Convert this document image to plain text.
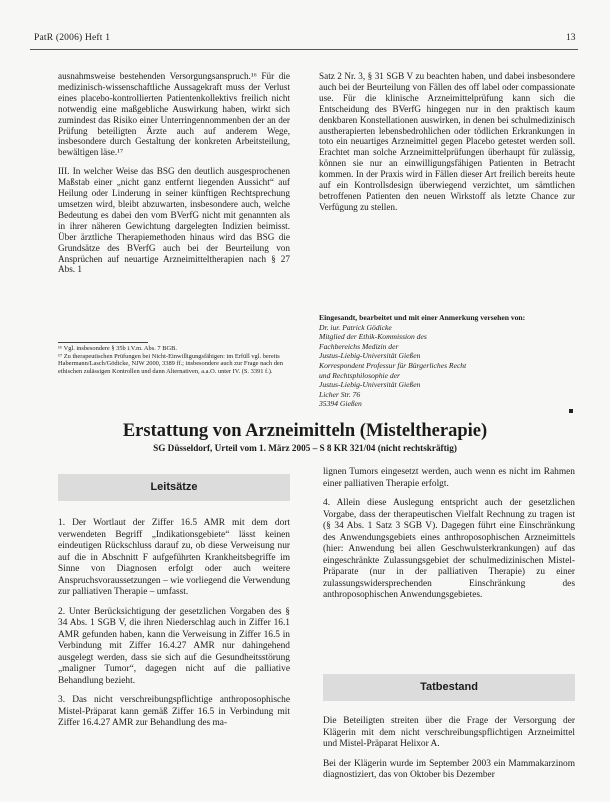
PatR (2006) Heft 1	13

ausnahmsweise bestehenden Versorgungsanspruch.¹⁶ Für die medizinisch-wissenschaftliche Aussagekraft muss der Verlust eines placebo-kontrollierten Patientenkollektivs freilich nicht notwendig eine maßgebliche Auswirkung haben, wirkt sich zumindest das Risiko einer Unterringennommenben der an der Prüfung beteiligten Ärzte auch auf anderem Wege, insbesondere durch Gestaltung der konkreten Arbeitsteilung, bewältigen läse.¹⁷

III. In welcher Weise das BSG den deutlich ausgesprochenen Maßstab einer „nicht ganz entfernt liegenden Aussicht“ auf Heilung oder Linderung in seiner künftigen Rechtsprechung umsetzen wird, bleibt abzuwarten, insbesondere auch, welche Bedeutung es dabei den vom BVerfG nicht mit genannten als in ihrer näheren Gewichtung dargelegten Indizien beimisst. Über ärztliche Therapiemethoden hinaus wird das BSG die Grundsätze des BVerfG auch bei der Beurteilung von Ansprüchen auf neuartige Arzneimitteltherapien nach § 27 Abs. 1

¹⁶ Vgl. insbesondere § 35b i.V.m. Abs. 7 BGB.
¹⁷ Zu therapeutischen Prüfungen bei Nicht-Einwilligungsfähigen: im Erfüll vgl. bereits Habermann/Lasch/Gödicke, NJW 2000, 3389 ff.; insbesondere auch zur Frage nach den ethischen zulässigen Kontrollen und dann Alternativen, a.a.O. unter IV. (S. 3391 f.).

Satz 2 Nr. 3, § 31 SGB V zu beachten haben, und dabei insbesondere auch bei der Beurteilung von Fällen des off label oder compassionate use. Für die klinische Arzneimittelprüfung kann sich die Entscheidung des BVerfG hingegen nur in den praktisch kaum denkbaren Konstellationen auswirken, in denen bei schulmedizinisch austherapierten lebensbedrohlichen oder tödlichen Erkrankungen in toto ein neuartiges Arzneimittel gegen Placebo getestet werden soll. Erachtet man solche Arzneimittelprüfungen überhaupt für zulässig, können sie nur an einwilligungsfähigen Patienten in Betracht kommen. In der Praxis wird in Fällen dieser Art freilich bereits heute auf ein Kontrollsdesign überwiegend verzichtet, um sämtlichen betroffenen Patienten den neuen Wirkstoff als letzte Chance zur Verfügung zu stellen.

Eingesandt, bearbeitet und mit einer Anmerkung versehen von:
Dr. iur. Patrick Gödicke
Mitglied der Ethik-Kommission des
Fachbereichs Medizin der
Justus-Liebig-Universität Gießen
Korrespondent Professur für Bürgerliches Recht
und Rechtsphilosophie der
Justus-Liebig-Universität Gießen
Licher Str. 76
35394 Gießen
Erstattung von Arzneimitteln (Misteltherapie)
SG Düsseldorf, Urteil vom 1. März 2005 – S 8 KR 321/04 (nicht rechtskräftig)
Leitsätze

1. Der Wortlaut der Ziffer 16.5 AMR mit dem dort verwendeten Begriff „Indikationsgebiete“ lässt keinen eindeutigen Rückschluss darauf zu, ob diese Verweisung nur auf die in Abschnitt F aufgeführten Krankheitsbegriffe im Sinne von Diagnosen erfolgt oder auch weitere Anspruchsvoraussetzungen – wie vorliegend die Verwendung zur palliativen Therapie – umfasst.

2. Unter Berücksichtigung der gesetzlichen Vorgaben des § 34 Abs. 1 SGB V, die ihren Niederschlag auch in Ziffer 16.1 AMR gefunden haben, kann die Verweisung in Ziffer 16.5 in Verbindung mit Ziffer 16.4.27 AMR nur dahingehend ausgelegt werden, dass sie sich auf die Gesundheitsstörung „maligner Tumor“, dagegen nicht auf die palliative Behandlung bezieht.

3. Das nicht verschreibungspflichtige anthroposophische Mistel-Präparat kann gemäß Ziffer 16.5 in Verbindung mit Ziffer 16.4.27 AMR zur Behandlung des ma-

lignen Tumors eingesetzt werden, auch wenn es nicht im Rahmen einer palliativen Therapie erfolgt.

4. Allein diese Auslegung entspricht auch der gesetzlichen Vorgabe, dass der therapeutischen Vielfalt Rechnung zu tragen ist (§ 34 Abs. 1 Satz 3 SGB V). Dagegen führt eine Einschränkung des Anwendungsgebiets eines anthroposophischen Arzneimittels (hier: Anwendung bei allen Geschwulsterkrankungen) auf das eingeschränkte Zulassungsgebiet der schulmedizinischen Mistel-Präparate (nur in der palliativen Therapie) zu einer zulassungswidersprechenden Einschränkung des anthroposophischen Anwendungsgebietes.

Tatbestand

Die Beteiligten streiten über die Frage der Versorgung der Klägerin mit dem nicht verschreibungspflichtigen Arzneimittel und Mistel-Präparat Helixor A.

Bei der Klägerin wurde im September 2003 ein Mammakarzinom diagnostiziert, das von Oktober bis Dezember
